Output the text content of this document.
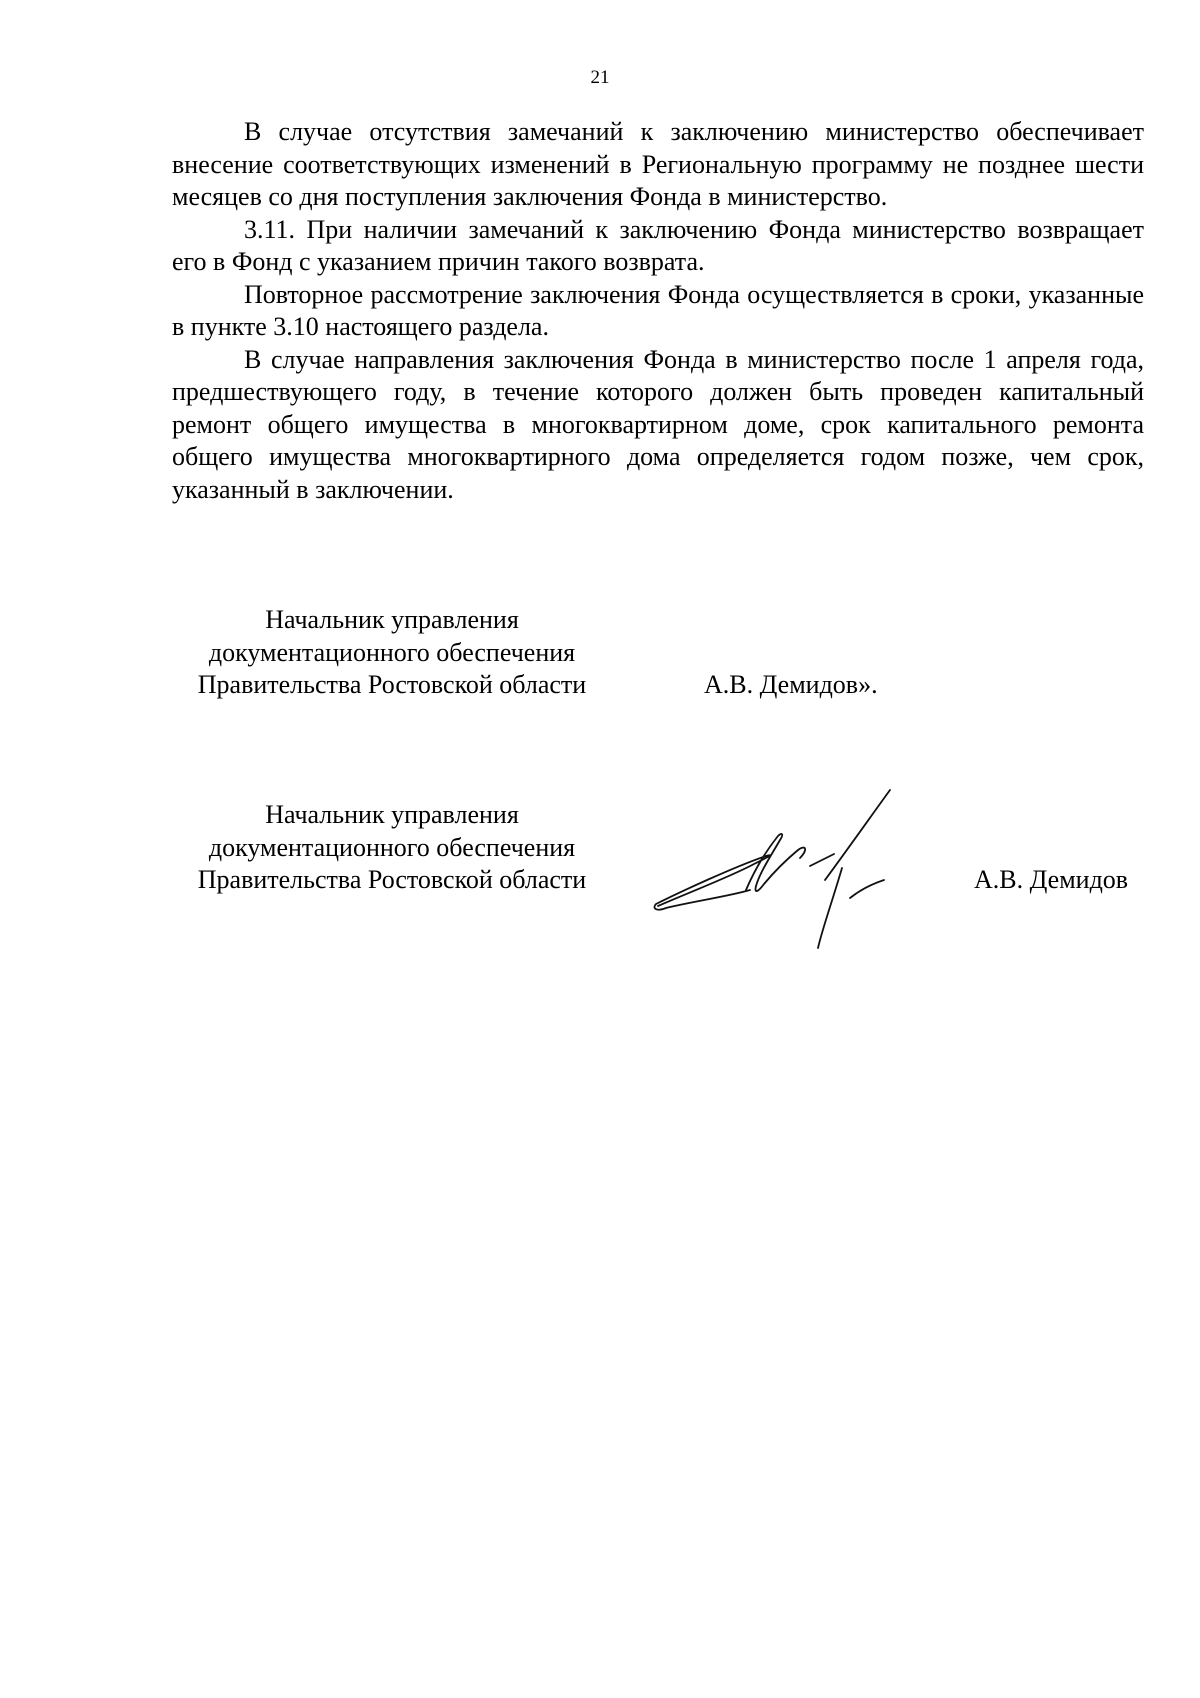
21

В случае отсутствия замечаний к заключению министерство обеспечивает внесение соответствующих изменений в Региональную программу не позднее шести месяцев со дня поступления заключения Фонда в министерство.

3.11. При наличии замечаний к заключению Фонда министерство возвращает его в Фонд с указанием причин такого возврата.

Повторное рассмотрение заключения Фонда осуществляется в сроки, указанные в пункте 3.10 настоящего раздела.

В случае направления заключения Фонда в министерство после 1 апреля года, предшествующего году, в течение которого должен быть проведен капитальный ремонт общего имущества в многоквартирном доме, срок капитального ремонта общего имущества многоквартирного дома определяется годом позже, чем срок, указанный в заключении.

Начальник управления
документационного обеспечения
Правительства Ростовской области	А.В. Демидов».
Начальник управления
документационного обеспечения
Правительства Ростовской области	А.В. Демидов
